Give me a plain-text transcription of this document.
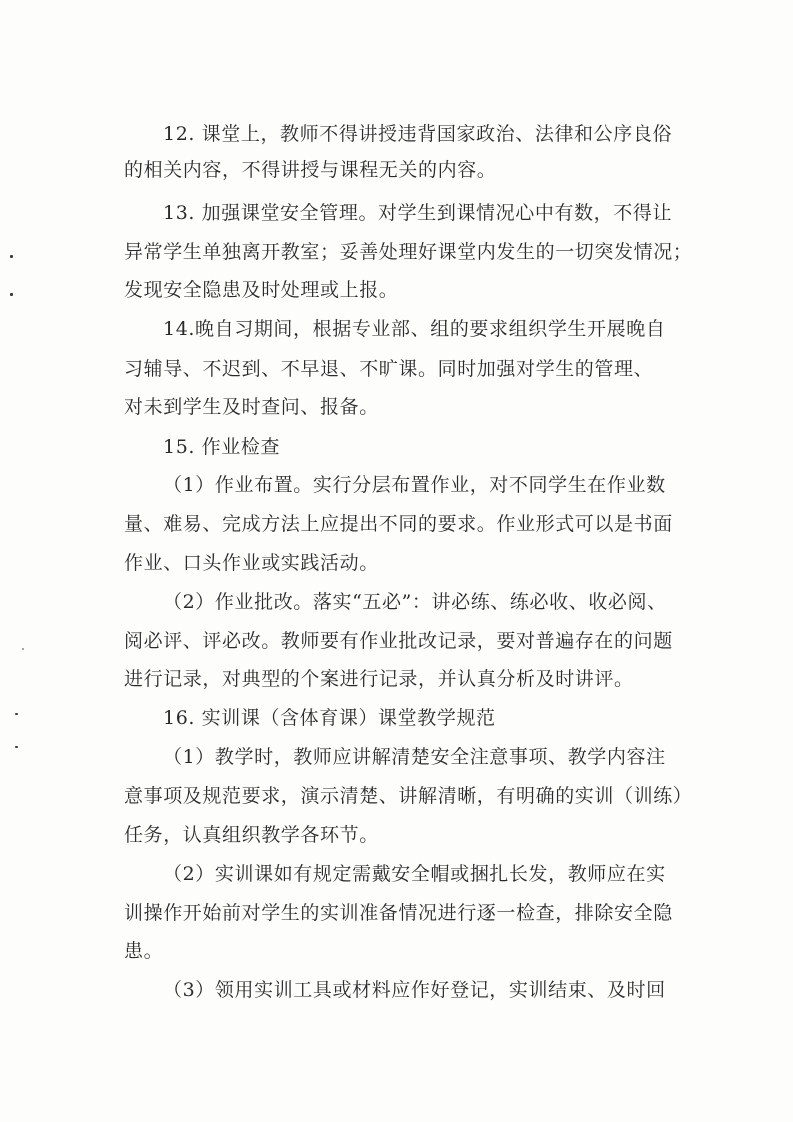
12. 课堂上，教师不得讲授违背国家政治、法律和公序良俗
的相关内容，不得讲授与课程无关的内容。
13. 加强课堂安全管理。对学生到课情况心中有数，不得让
异常学生单独离开教室；妥善处理好课堂内发生的一切突发情况；
发现安全隐患及时处理或上报。
14.晚自习期间，根据专业部、组的要求组织学生开展晚自
习辅导、不迟到、不早退、不旷课。同时加强对学生的管理、
对未到学生及时查问、报备。
15. 作业检查
（1）作业布置。实行分层布置作业，对不同学生在作业数
量、难易、完成方法上应提出不同的要求。作业形式可以是书面
作业、口头作业或实践活动。
（2）作业批改。落实“五必”：讲必练、练必收、收必阅、
阅必评、评必改。教师要有作业批改记录，要对普遍存在的问题
进行记录，对典型的个案进行记录，并认真分析及时讲评。
16. 实训课（含体育课）课堂教学规范
（1）教学时，教师应讲解清楚安全注意事项、教学内容注
意事项及规范要求，演示清楚、讲解清晰，有明确的实训（训练）
任务，认真组织教学各环节。
（2）实训课如有规定需戴安全帽或捆扎长发，教师应在实
训操作开始前对学生的实训准备情况进行逐一检查，排除安全隐
患。
（3）领用实训工具或材料应作好登记，实训结束、及时回
